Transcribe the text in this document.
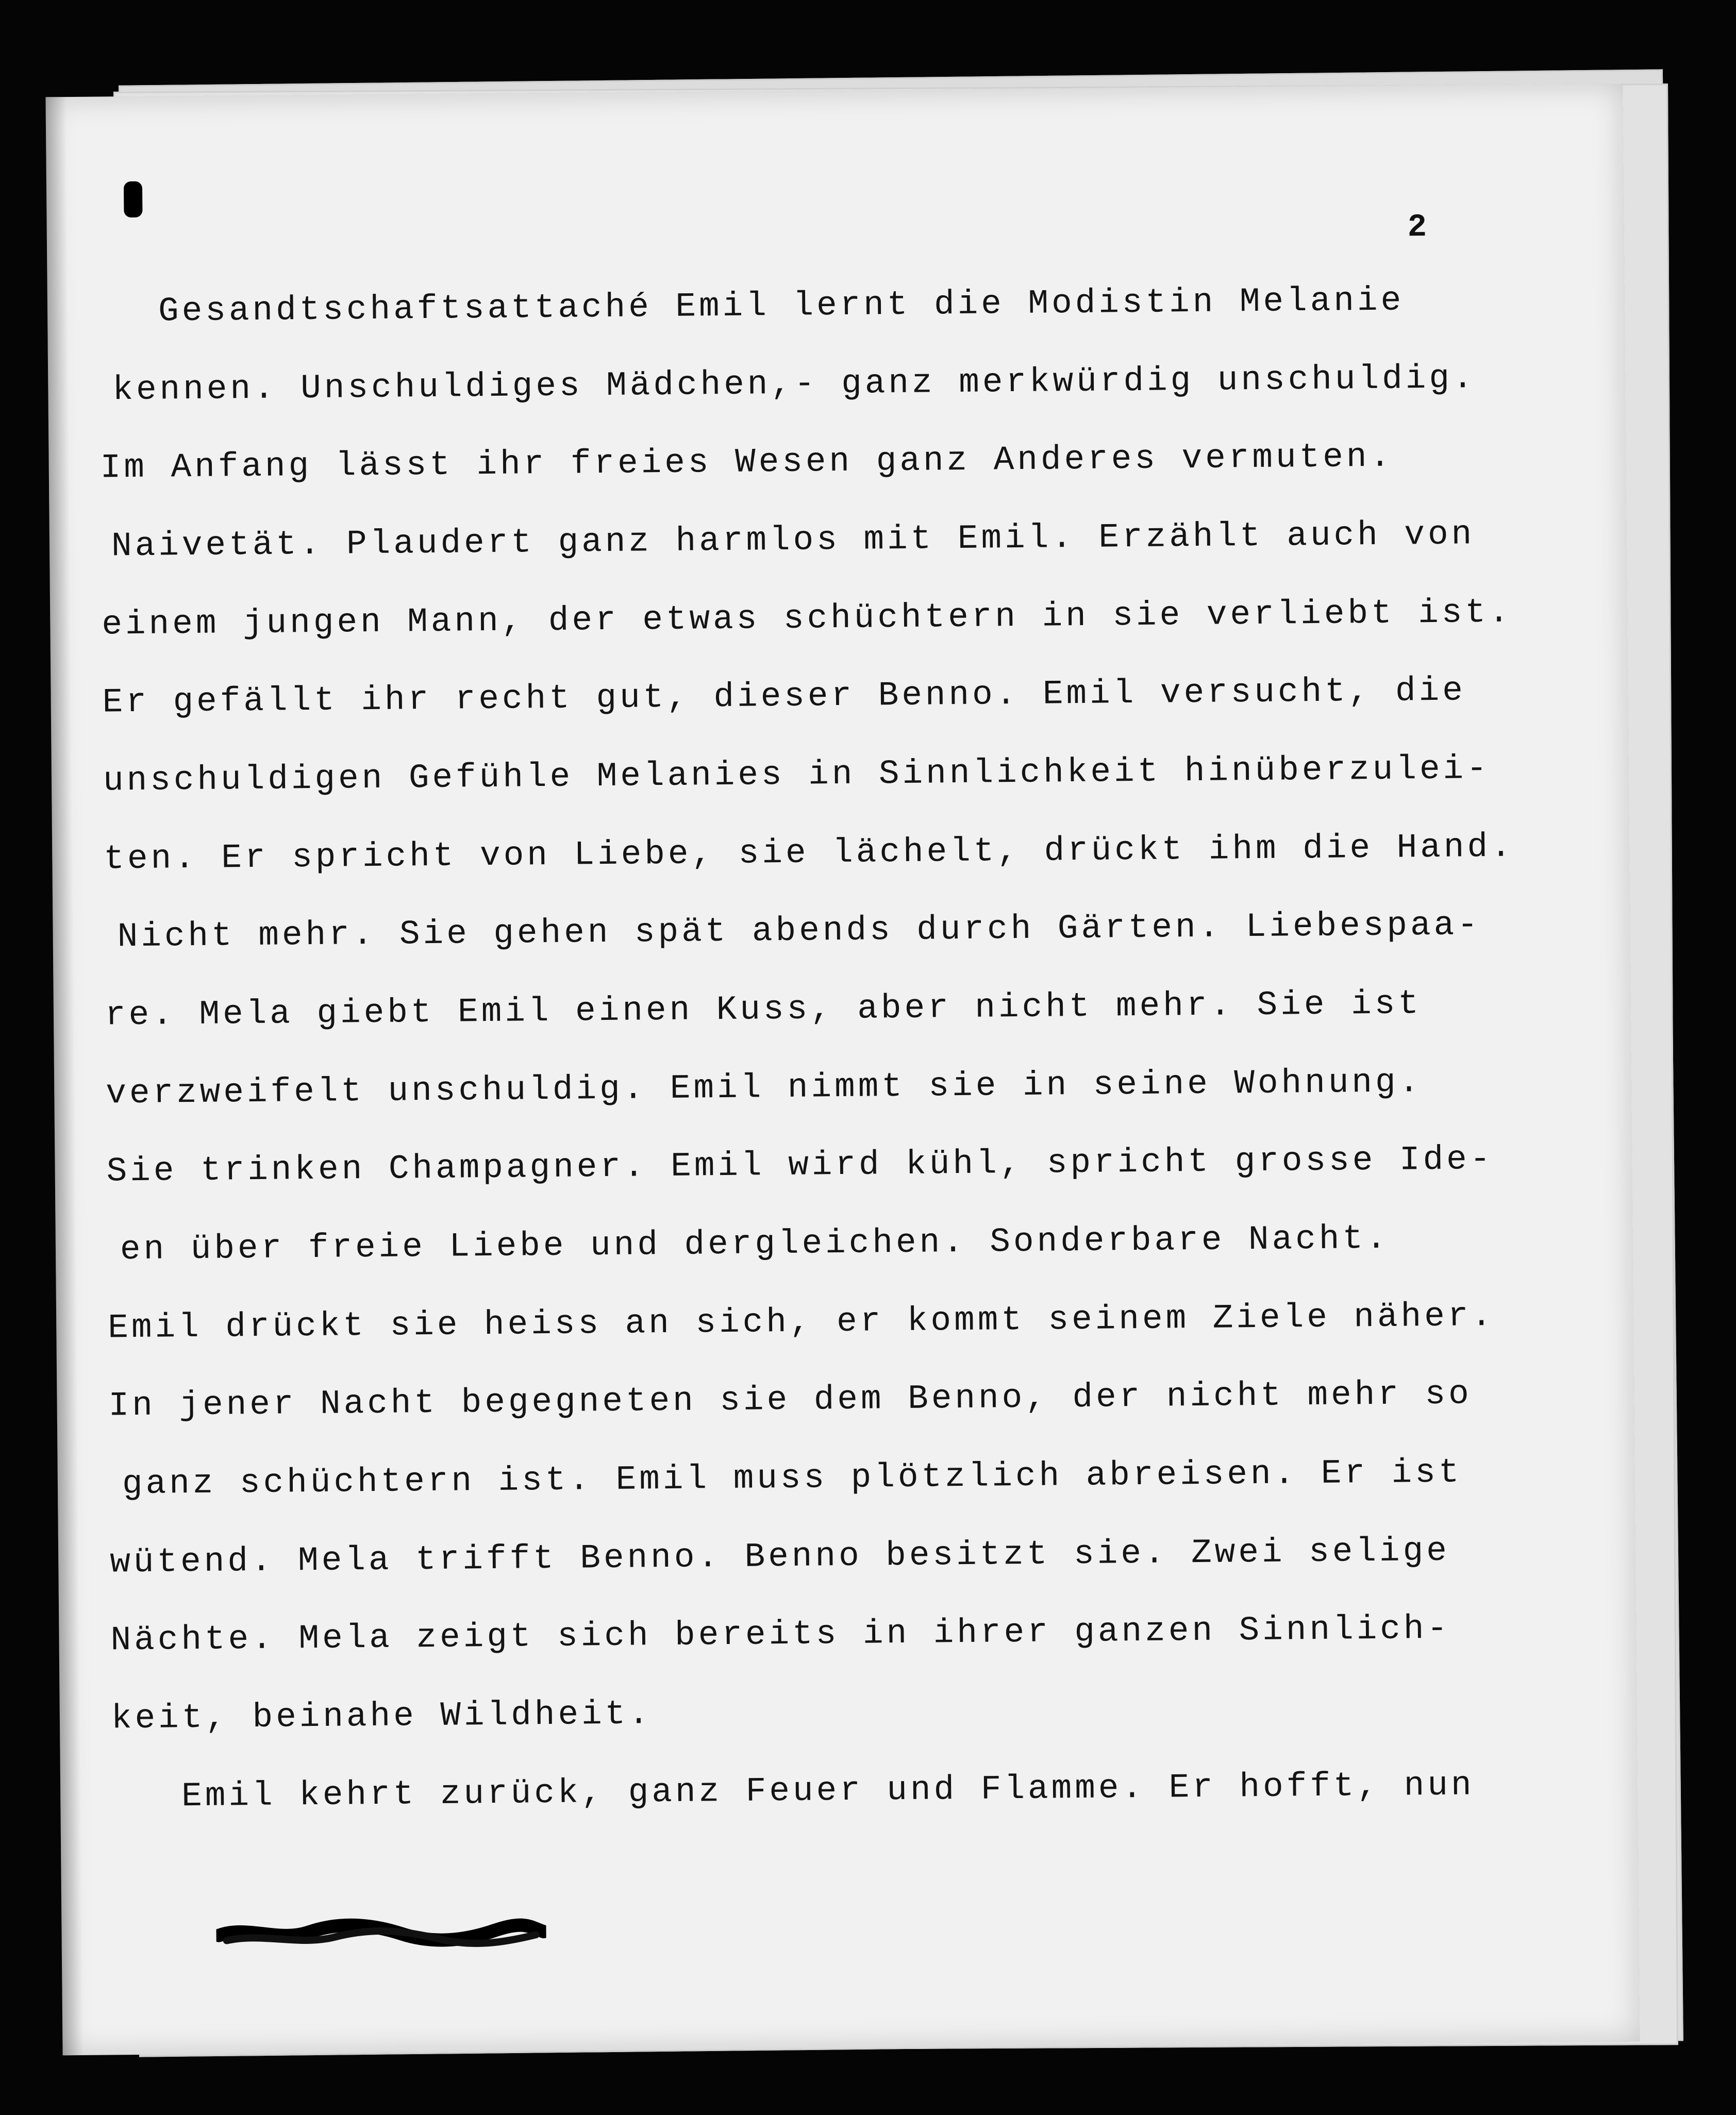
2
Gesandtschaftsattaché Emil lernt die Modistin Melanie
kennen. Unschuldiges Mädchen,- ganz merkwürdig unschuldig.
Im Anfang lässt ihr freies Wesen ganz Anderes vermuten.
Naivetät. Plaudert ganz harmlos mit Emil. Erzählt auch von
einem jungen Mann, der etwas schüchtern in sie verliebt ist.
Er gefällt ihr recht gut, dieser Benno. Emil versucht, die
unschuldigen Gefühle Melanies in Sinnlichkeit hinüberzulei-
ten. Er spricht von Liebe, sie lächelt, drückt ihm die Hand.
Nicht mehr. Sie gehen spät abends durch Gärten. Liebespaa-
re. Mela giebt Emil einen Kuss, aber nicht mehr. Sie ist
verzweifelt unschuldig. Emil nimmt sie in seine Wohnung.
Sie trinken Champagner. Emil wird kühl, spricht grosse Ide-
en über freie Liebe und dergleichen. Sonderbare Nacht.
Emil drückt sie heiss an sich, er kommt seinem Ziele näher.
In jener Nacht begegneten sie dem Benno, der nicht mehr so
ganz schüchtern ist. Emil muss plötzlich abreisen. Er ist
wütend. Mela trifft Benno. Benno besitzt sie. Zwei selige
Nächte. Mela zeigt sich bereits in ihrer ganzen Sinnlich-
keit, beinahe Wildheit.
Emil kehrt zurück, ganz Feuer und Flamme. Er hofft, nun
